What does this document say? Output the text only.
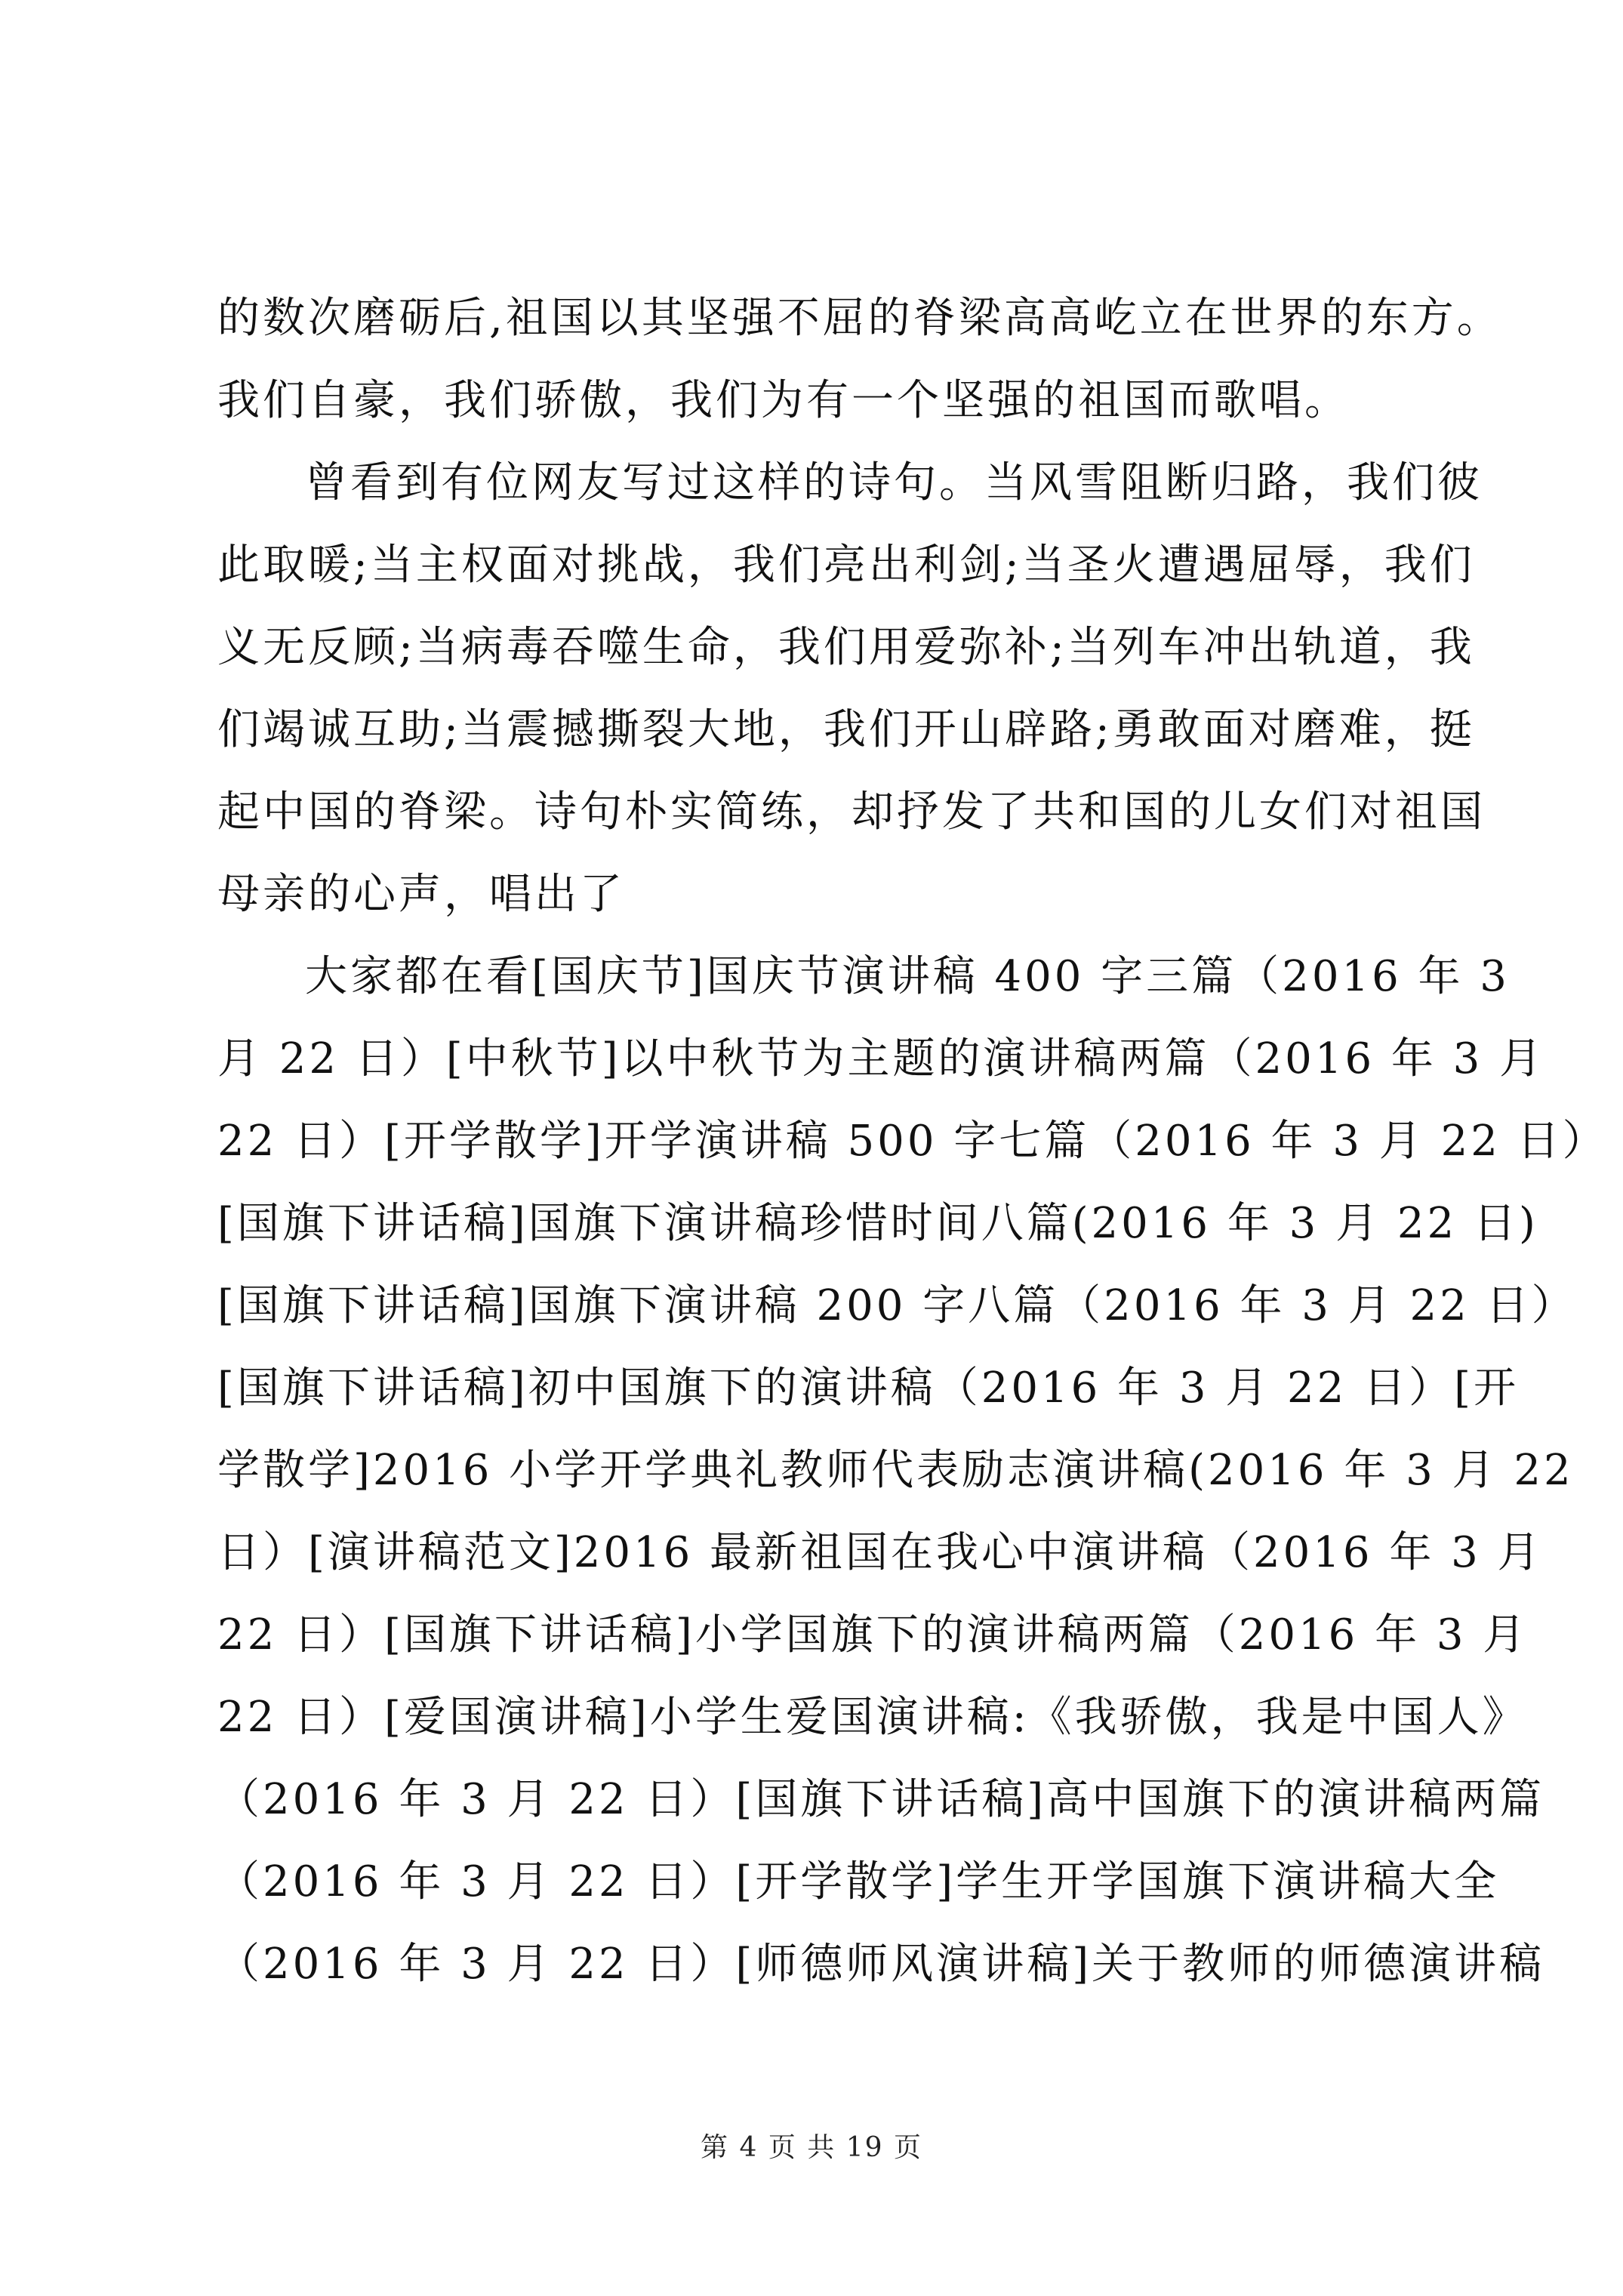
的数次磨砺后,祖国以其坚强不屈的脊梁高高屹立在世界的东方。
我们自豪，我们骄傲，我们为有一个坚强的祖国而歌唱。
曾看到有位网友写过这样的诗句。当风雪阻断归路，我们彼
此取暖;当主权面对挑战，我们亮出利剑;当圣火遭遇屈辱，我们
义无反顾;当病毒吞噬生命，我们用爱弥补;当列车冲出轨道，我
们竭诚互助;当震撼撕裂大地，我们开山辟路;勇敢面对磨难，挺
起中国的脊梁。诗句朴实简练，却抒发了共和国的儿女们对祖国
母亲的心声，唱出了
大家都在看[国庆节]国庆节演讲稿 400 字三篇（2016 年 3
月 22 日）[中秋节]以中秋节为主题的演讲稿两篇（2016 年 3 月
22 日）[开学散学]开学演讲稿 500 字七篇（2016 年 3 月 22 日）
[国旗下讲话稿]国旗下演讲稿珍惜时间八篇(2016 年 3 月 22 日)
[国旗下讲话稿]国旗下演讲稿 200 字八篇（2016 年 3 月 22 日）
[国旗下讲话稿]初中国旗下的演讲稿（2016 年 3 月 22 日）[开
学散学]2016 小学开学典礼教师代表励志演讲稿(2016 年 3 月 22
日）[演讲稿范文]2016 最新祖国在我心中演讲稿（2016 年 3 月
22 日）[国旗下讲话稿]小学国旗下的演讲稿两篇（2016 年 3 月
22 日）[爱国演讲稿]小学生爱国演讲稿:《我骄傲，我是中国人》
（2016 年 3 月 22 日）[国旗下讲话稿]高中国旗下的演讲稿两篇
（2016 年 3 月 22 日）[开学散学]学生开学国旗下演讲稿大全
（2016 年 3 月 22 日）[师德师风演讲稿]关于教师的师德演讲稿
第 4 页 共 19 页
